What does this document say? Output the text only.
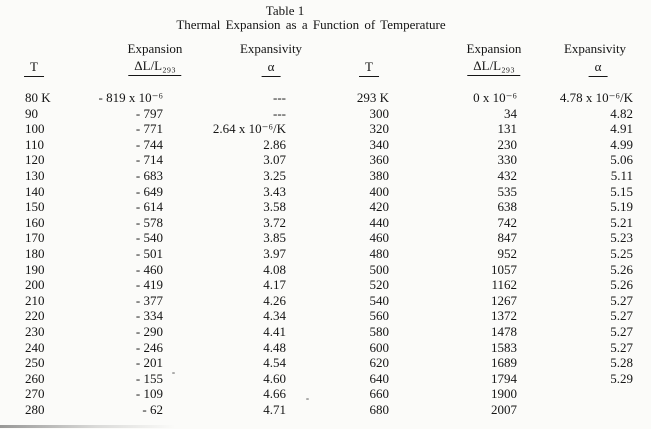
Table 1
Thermal Expansion as a Function of Temperature
Expansion
ΔL/L₂₉₃
Expansivity
α
T
Expansion
ΔL/L₂₉₃
Expansivity
α
T
80 K
90
100
110
120
130
140
150
160
170
180
190
200
210
220
230
240
250
260
270
280
- 819 x 10⁻⁶
- 797
- 771
- 744
- 714
- 683
- 649
- 614
- 578
- 540
- 501
- 460
- 419
- 377
- 334
- 290
- 246
- 201
- 155
- 109
- 62
---
---
2.64 x 10⁻⁶/K
2.86
3.07
3.25
3.43
3.58
3.72
3.85
3.97
4.08
4.17
4.26
4.34
4.41
4.48
4.54
4.60
4.66
4.71
293 K
300
320
340
360
380
400
420
440
460
480
500
520
540
560
580
600
620
640
660
680
0 x 10⁻⁶
34
131
230
330
432
535
638
742
847
952
1057
1162
1267
1372
1478
1583
1689
1794
1900
2007
4.78 x 10⁻⁶/K
4.82
4.91
4.99
5.06
5.11
5.15
5.19
5.21
5.23
5.25
5.26
5.26
5.27
5.27
5.27
5.27
5.28
5.29
